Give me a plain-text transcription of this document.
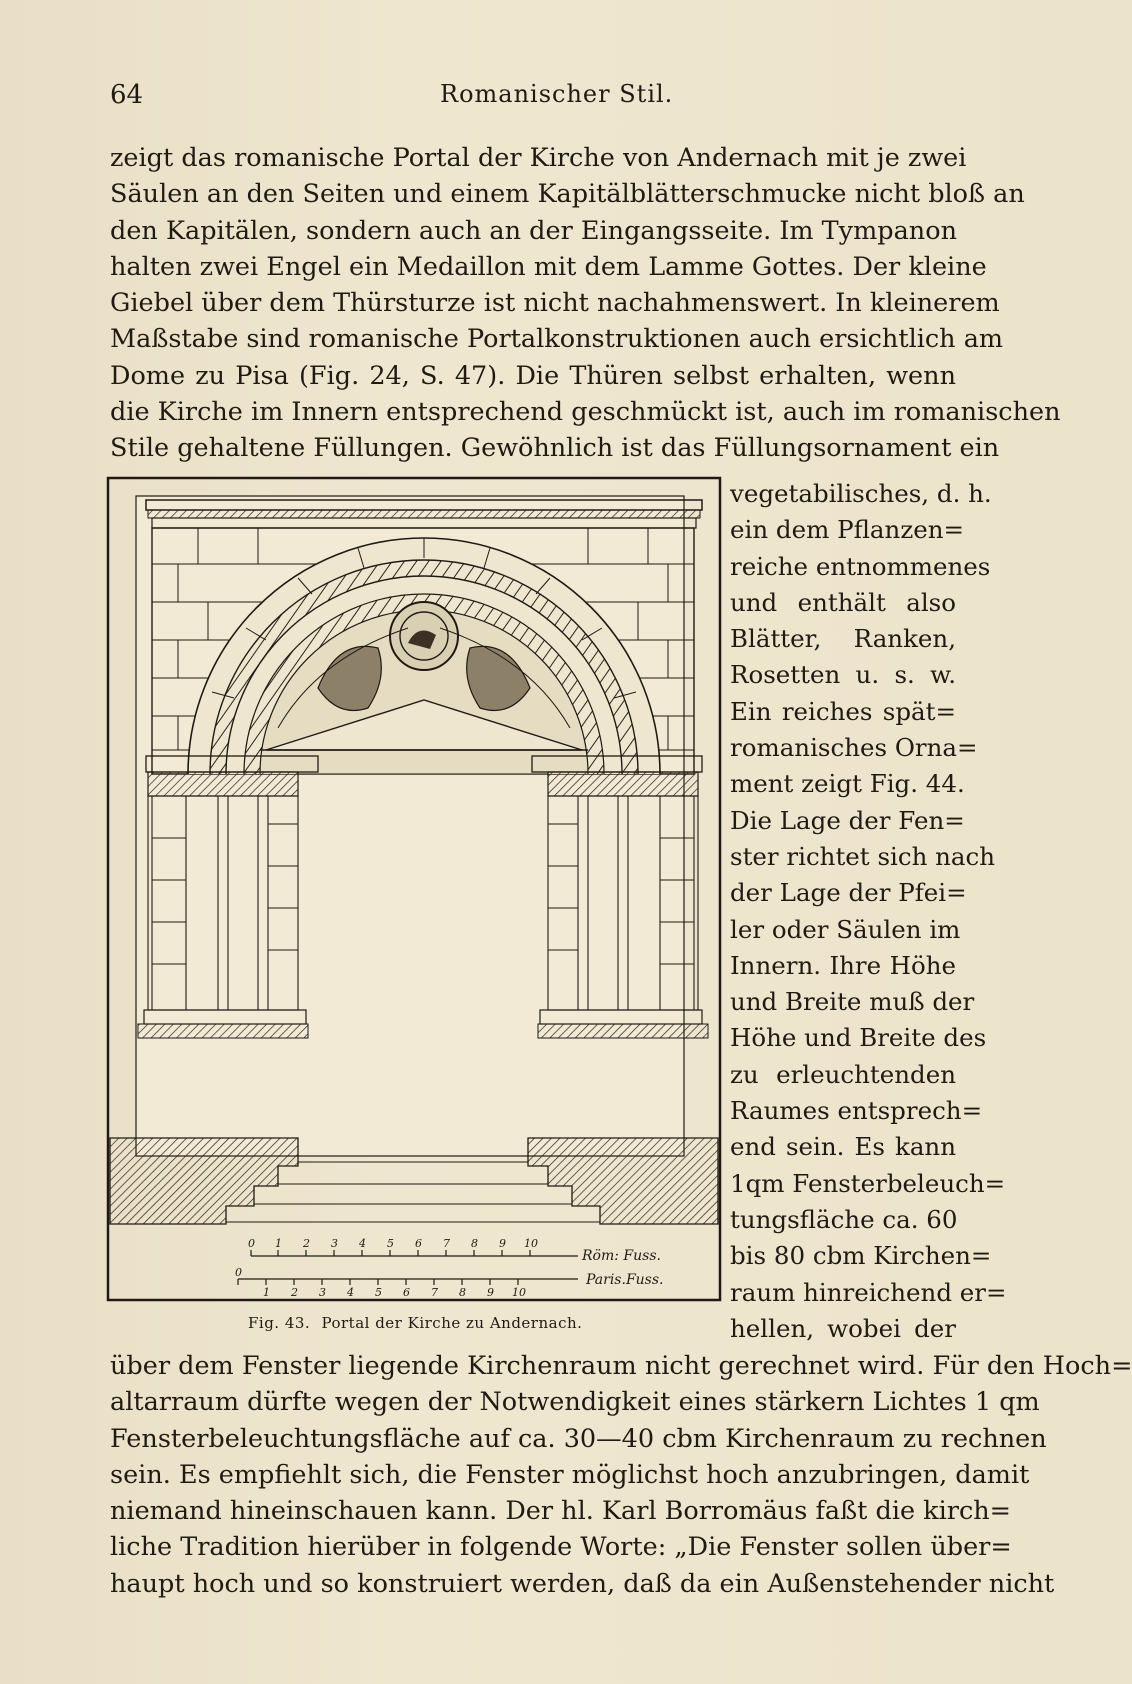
64	Romanischer Stil.
zeigt das romanische Portal der Kirche von Andernach mit je zwei
Säulen an den Seiten und einem Kapitälblätterschmucke nicht bloß an
den Kapitälen, sondern auch an der Eingangsseite. Im Tympanon
halten zwei Engel ein Medaillon mit dem Lamme Gottes. Der kleine
Giebel über dem Thürsturze ist nicht nachahmenswert. In kleinerem
Maßstabe sind romanische Portalkonstruktionen auch ersichtlich am
Dome zu Pisa (Fig. 24, S. 47). Die Thüren selbst erhalten, wenn
die Kirche im Innern entsprechend geschmückt ist, auch im romanischen
Stile gehaltene Füllungen. Gewöhnlich ist das Füllungsornament ein
vegetabilisches, d. h.
ein dem Pflanzen=
reiche entnommenes
und enthält also
Blätter, Ranken,
Rosetten u. s. w.
Ein reiches spät=
romanisches Orna=
ment zeigt Fig. 44.
Die Lage der Fen=
ster richtet sich nach
der Lage der Pfei=
ler oder Säulen im
Innern. Ihre Höhe
und Breite muß der
Höhe und Breite des
zu erleuchtenden
Raumes entsprech=
end sein. Es kann
1qm Fensterbeleuch=
tungsfläche ca. 60
bis 80 cbm Kirchen=
raum hinreichend er=
hellen, wobei der
0 1 2 3 4 5 6 7 8 9 10
0
1 2 3 4 5 6 7 8 9 10
Röm: Fuss.
Paris.Fuss.
Fig. 43. Portal der Kirche zu Andernach.
über dem Fenster liegende Kirchenraum nicht gerechnet wird. Für den Hoch=
altarraum dürfte wegen der Notwendigkeit eines stärkern Lichtes 1 qm
Fensterbeleuchtungsfläche auf ca. 30—40 cbm Kirchenraum zu rechnen
sein. Es empfiehlt sich, die Fenster möglichst hoch anzubringen, damit
niemand hineinschauen kann. Der hl. Karl Borromäus faßt die kirch=
liche Tradition hierüber in folgende Worte: „Die Fenster sollen über=
haupt hoch und so konstruiert werden, daß da ein Außenstehender nicht
